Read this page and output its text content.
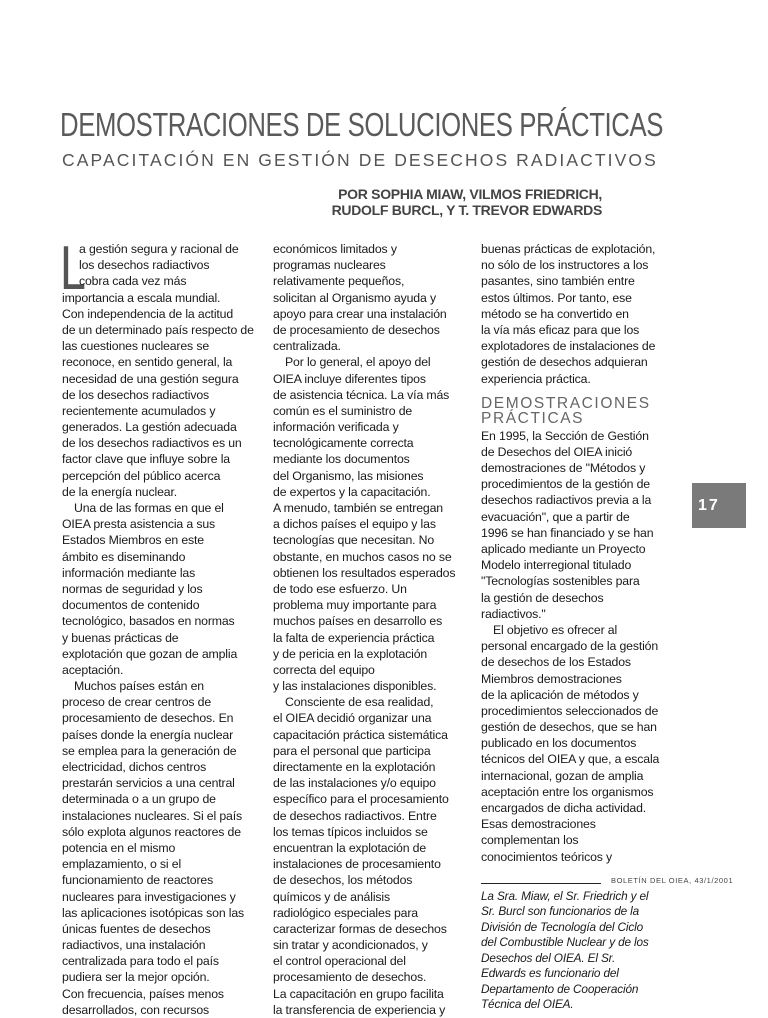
DEMOSTRACIONES DE SOLUCIONES PRÁCTICAS
CAPACITACIÓN EN GESTIÓN DE DESECHOS RADIACTIVOS
POR SOPHIA MIAW, VILMOS FRIEDRICH,
RUDOLF BURCL, Y T. TREVOR EDWARDS
L
a gestión segura y racional de
los desechos radiactivos
cobra cada vez más
importancia a escala mundial.
Con independencia de la actitud
de un determinado país respecto de
las cuestiones nucleares se
reconoce, en sentido general, la
necesidad de una gestión segura
de los desechos radiactivos
recientemente acumulados y
generados. La gestión adecuada
de los desechos radiactivos es un
factor clave que influye sobre la
percepción del público acerca
de la energía nuclear.
Una de las formas en que el
OIEA presta asistencia a sus
Estados Miembros en este
ámbito es diseminando
información mediante las
normas de seguridad y los
documentos de contenido
tecnológico, basados en normas
y buenas prácticas de
explotación que gozan de amplia
aceptación.
Muchos países están en
proceso de crear centros de
procesamiento de desechos. En
países donde la energía nuclear
se emplea para la generación de
electricidad, dichos centros
prestarán servicios a una central
determinada o a un grupo de
instalaciones nucleares. Si el país
sólo explota algunos reactores de
potencia en el mismo
emplazamiento, o si el
funcionamiento de reactores
nucleares para investigaciones y
las aplicaciones isotópicas son las
únicas fuentes de desechos
radiactivos, una instalación
centralizada para todo el país
pudiera ser la mejor opción.
Con frecuencia, países menos
desarrollados, con recursos
económicos limitados y
programas nucleares
relativamente pequeños,
solicitan al Organismo ayuda y
apoyo para crear una instalación
de procesamiento de desechos
centralizada.
Por lo general, el apoyo del
OIEA incluye diferentes tipos
de asistencia técnica. La vía más
común es el suministro de
información verificada y
tecnológicamente correcta
mediante los documentos
del Organismo, las misiones
de expertos y la capacitación.
A menudo, también se entregan
a dichos países el equipo y las
tecnologías que necesitan. No
obstante, en muchos casos no se
obtienen los resultados esperados
de todo ese esfuerzo. Un
problema muy importante para
muchos países en desarrollo es
la falta de experiencia práctica
y de pericia en la explotación
correcta del equipo
y las instalaciones disponibles.
Consciente de esa realidad,
el OIEA decidió organizar una
capacitación práctica sistemática
para el personal que participa
directamente en la explotación
de las instalaciones y/o equipo
específico para el procesamiento
de desechos radiactivos. Entre
los temas típicos incluidos se
encuentran la explotación de
instalaciones de procesamiento
de desechos, los métodos
químicos y de análisis
radiológico especiales para
caracterizar formas de desechos
sin tratar y acondicionados, y
el control operacional del
procesamiento de desechos.
La capacitación en grupo facilita
la transferencia de experiencia y
buenas prácticas de explotación,
no sólo de los instructores a los
pasantes, sino también entre
estos últimos. Por tanto, ese
método se ha convertido en
la vía más eficaz para que los
explotadores de instalaciones de
gestión de desechos adquieran
experiencia práctica.
DEMOSTRACIONES
PRÁCTICAS
En 1995, la Sección de Gestión
de Desechos del OIEA inició
demostraciones de "Métodos y
procedimientos de la gestión de
desechos radiactivos previa a la
evacuación", que a partir de
1996 se han financiado y se han
aplicado mediante un Proyecto
Modelo interregional titulado
"Tecnologías sostenibles para
la gestión de desechos
radiactivos."
El objetivo es ofrecer al
personal encargado de la gestión
de desechos de los Estados
Miembros demostraciones
de la aplicación de métodos y
procedimientos seleccionados de
gestión de desechos, que se han
publicado en los documentos
técnicos del OIEA y que, a escala
internacional, gozan de amplia
aceptación entre los organismos
encargados de dicha actividad.
Esas demostraciones
complementan los
conocimientos teóricos y
La Sra. Miaw, el Sr. Friedrich y el
Sr. Burcl son funcionarios de la
División de Tecnología del Ciclo
del Combustible Nuclear y de los
Desechos del OIEA. El Sr.
Edwards es funcionario del
Departamento de Cooperación
Técnica del OIEA.
17
BOLETÍN DEL OIEA, 43/1/2001
